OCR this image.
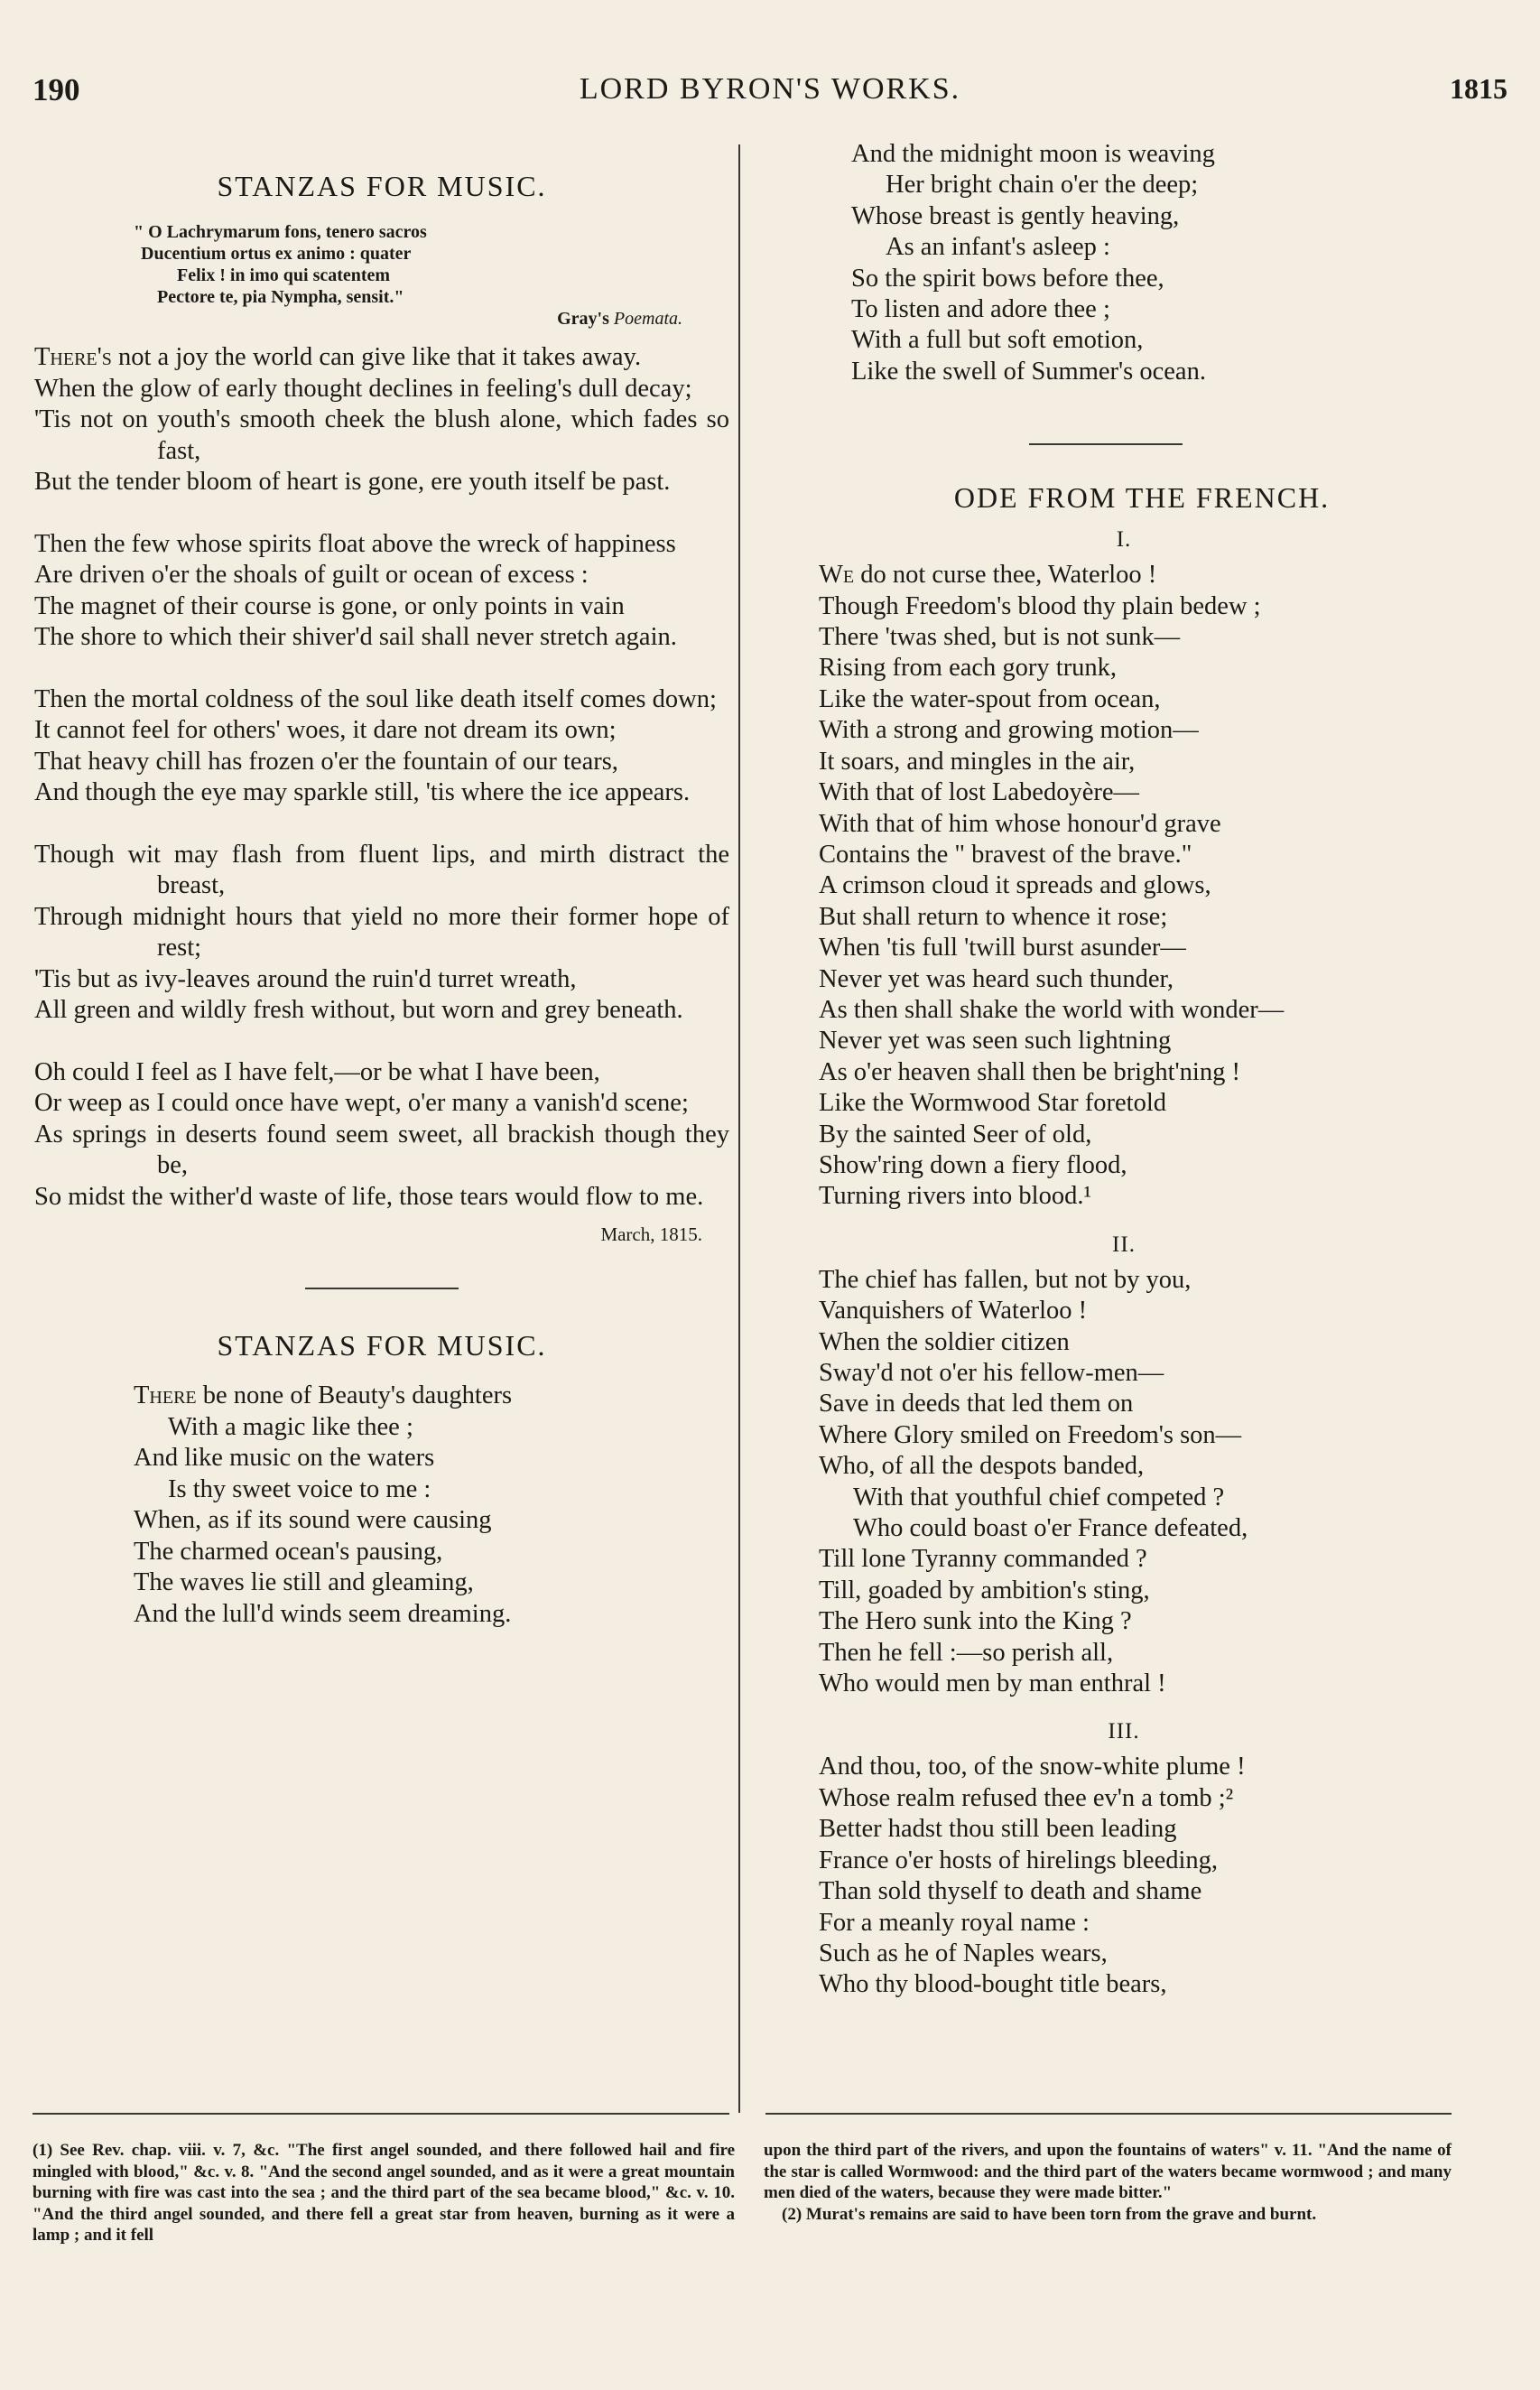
190	LORD BYRON'S WORKS.	1815
STANZAS FOR MUSIC.
" O Lachrymarum fons, tenero sacros
Ducentium ortus ex animo : quater
Felix ! in imo qui scatentem
Pectore te, pia Nympha, sensit."
Gray's Poemata.
There's not a joy the world can give like that it takes away.
When the glow of early thought declines in feeling's dull decay;
'Tis not on youth's smooth cheek the blush alone, which fades so fast,
But the tender bloom of heart is gone, ere youth itself be past.
Then the few whose spirits float above the wreck of happiness
Are driven o'er the shoals of guilt or ocean of excess :
The magnet of their course is gone, or only points in vain
The shore to which their shiver'd sail shall never stretch again.
Then the mortal coldness of the soul like death itself comes down;
It cannot feel for others' woes, it dare not dream its own;
That heavy chill has frozen o'er the fountain of our tears,
And though the eye may sparkle still, 'tis where the ice appears.
Though wit may flash from fluent lips, and mirth distract the breast,
Through midnight hours that yield no more their former hope of rest;
'Tis but as ivy-leaves around the ruin'd turret wreath,
All green and wildly fresh without, but worn and grey beneath.
Oh could I feel as I have felt,—or be what I have been,
Or weep as I could once have wept, o'er many a vanish'd scene;
As springs in deserts found seem sweet, all brackish though they be,
So midst the wither'd waste of life, those tears would flow to me.
March, 1815.
STANZAS FOR MUSIC.
There be none of Beauty's daughters
With a magic like thee ;
And like music on the waters
Is thy sweet voice to me :
When, as if its sound were causing
The charmed ocean's pausing,
The waves lie still and gleaming,
And the lull'd winds seem dreaming.
And the midnight moon is weaving
Her bright chain o'er the deep;
Whose breast is gently heaving,
As an infant's asleep :
So the spirit bows before thee,
To listen and adore thee ;
With a full but soft emotion,
Like the swell of Summer's ocean.
ODE FROM THE FRENCH.
I.
We do not curse thee, Waterloo !
Though Freedom's blood thy plain bedew ;
There 'twas shed, but is not sunk—
Rising from each gory trunk,
Like the water-spout from ocean,
With a strong and growing motion—
It soars, and mingles in the air,
With that of lost Labedoyère—
With that of him whose honour'd grave
Contains the " bravest of the brave."
A crimson cloud it spreads and glows,
But shall return to whence it rose;
When 'tis full 'twill burst asunder—
Never yet was heard such thunder,
As then shall shake the world with wonder—
Never yet was seen such lightning
As o'er heaven shall then be bright'ning !
Like the Wormwood Star foretold
By the sainted Seer of old,
Show'ring down a fiery flood,
Turning rivers into blood.¹
II.
The chief has fallen, but not by you,
Vanquishers of Waterloo !
When the soldier citizen
Sway'd not o'er his fellow-men—
Save in deeds that led them on
Where Glory smiled on Freedom's son—
Who, of all the despots banded,
With that youthful chief competed ?
Who could boast o'er France defeated,
Till lone Tyranny commanded ?
Till, goaded by ambition's sting,
The Hero sunk into the King ?
Then he fell :—so perish all,
Who would men by man enthral !
III.
And thou, too, of the snow-white plume !
Whose realm refused thee ev'n a tomb ;²
Better hadst thou still been leading
France o'er hosts of hirelings bleeding,
Than sold thyself to death and shame
For a meanly royal name :
Such as he of Naples wears,
Who thy blood-bought title bears,

(1) See Rev. chap. viii. v. 7, &c. "The first angel sounded, and there followed hail and fire mingled with blood," &c. v. 8. "And the second angel sounded, and as it were a great mountain burning with fire was cast into the sea ; and the third part of the sea became blood," &c. v. 10. "And the third angel sounded, and there fell a great star from heaven, burning as it were a lamp ; and it fell

upon the third part of the rivers, and upon the fountains of waters" v. 11. "And the name of the star is called Wormwood: and the third part of the waters became wormwood ; and many men died of the waters, because they were made bitter."

(2) Murat's remains are said to have been torn from the grave and burnt.
